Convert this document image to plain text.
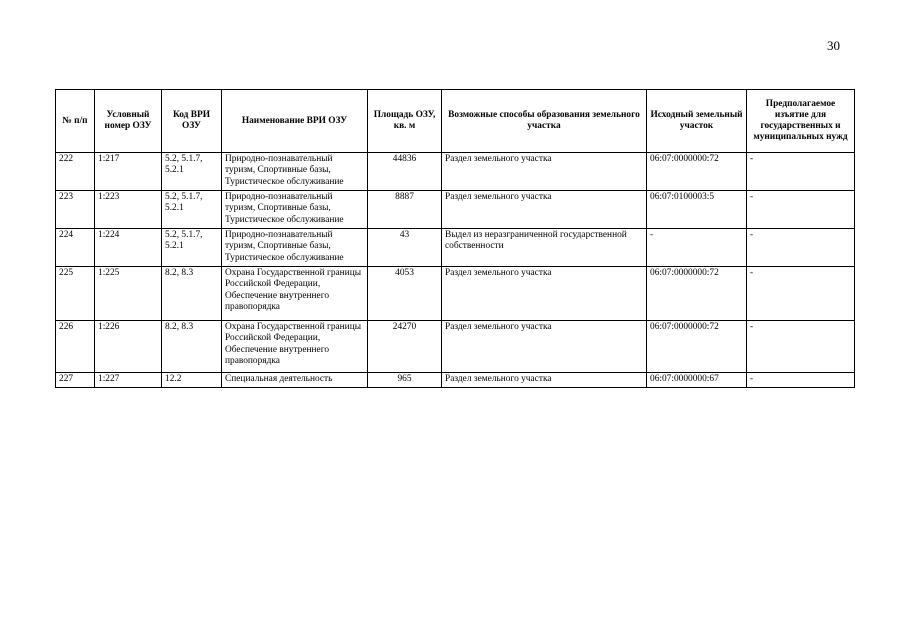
30
№ п/п	Условный номер ОЗУ	Код ВРИ ОЗУ	Наименование ВРИ ОЗУ	Площадь ОЗУ, кв. м	Возможные способы образования земельного участка	Исходный земельный участок	Предполагаемое изъятие для государственных и муниципальных нужд
222	1:217	5.2, 5.1.7, 5.2.1	Природно-познавательный туризм, Спортивные базы, Туристическое обслуживание	44836	Раздел земельного участка	06:07:0000000:72	-
223	1:223	5.2, 5.1.7, 5.2.1	Природно-познавательный туризм, Спортивные базы, Туристическое обслуживание	8887	Раздел земельного участка	06:07:0100003:5	-
224	1:224	5.2, 5.1.7, 5.2.1	Природно-познавательный туризм, Спортивные базы, Туристическое обслуживание	43	Выдел из неразграниченной государственной собственности	-	-
225	1:225	8.2, 8.3	Охрана Государственной границы Российской Федерации, Обеспечение внутреннего правопорядка	4053	Раздел земельного участка	06:07:0000000:72	-
226	1:226	8.2, 8.3	Охрана Государственной границы Российской Федерации, Обеспечение внутреннего правопорядка	24270	Раздел земельного участка	06:07:0000000:72	-
227	1:227	12.2	Специальная деятельность	965	Раздел земельного участка	06:07:0000000:67	-
